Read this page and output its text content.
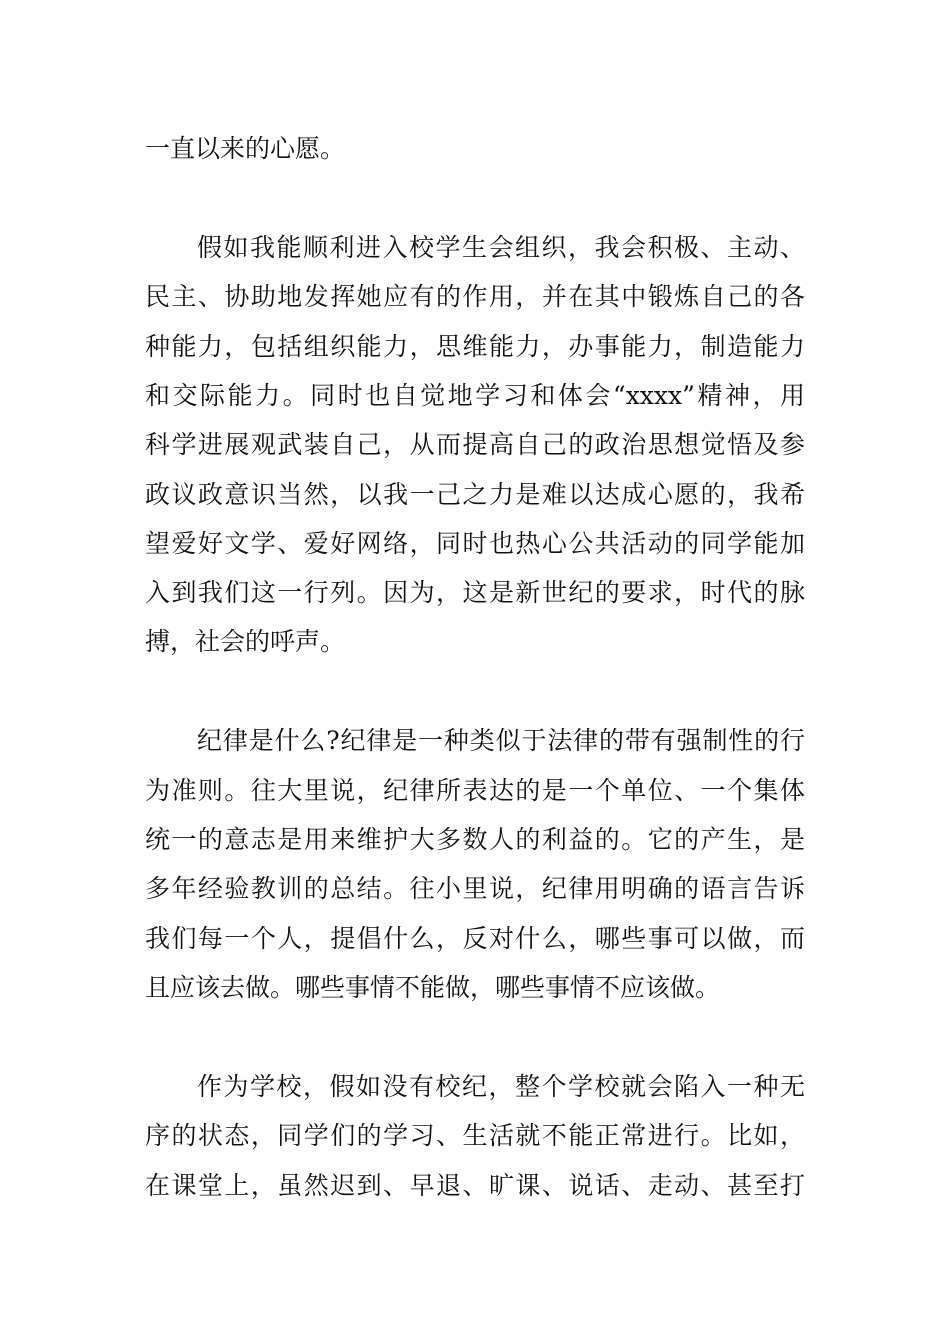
一直以来的心愿。
假如我能顺利进入校学生会组织，我会积极、主动、
民主、协助地发挥她应有的作用，并在其中锻炼自己的各
种能力，包括组织能力，思维能力，办事能力，制造能力
和交际能力。同时也自觉地学习和体会“xxxx”精神，用
科学进展观武装自己，从而提高自己的政治思想觉悟及参
政议政意识当然，以我一己之力是难以达成心愿的，我希
望爱好文学、爱好网络，同时也热心公共活动的同学能加
入到我们这一行列。因为，这是新世纪的要求，时代的脉
搏，社会的呼声。
纪律是什么?纪律是一种类似于法律的带有强制性的行
为准则。往大里说，纪律所表达的是一个单位、一个集体
统一的意志是用来维护大多数人的利益的。它的产生，是
多年经验教训的总结。往小里说，纪律用明确的语言告诉
我们每一个人，提倡什么，反对什么，哪些事可以做，而
且应该去做。哪些事情不能做，哪些事情不应该做。
作为学校，假如没有校纪，整个学校就会陷入一种无
序的状态，同学们的学习、生活就不能正常进行。比如，
在课堂上，虽然迟到、早退、旷课、说话、走动、甚至打
